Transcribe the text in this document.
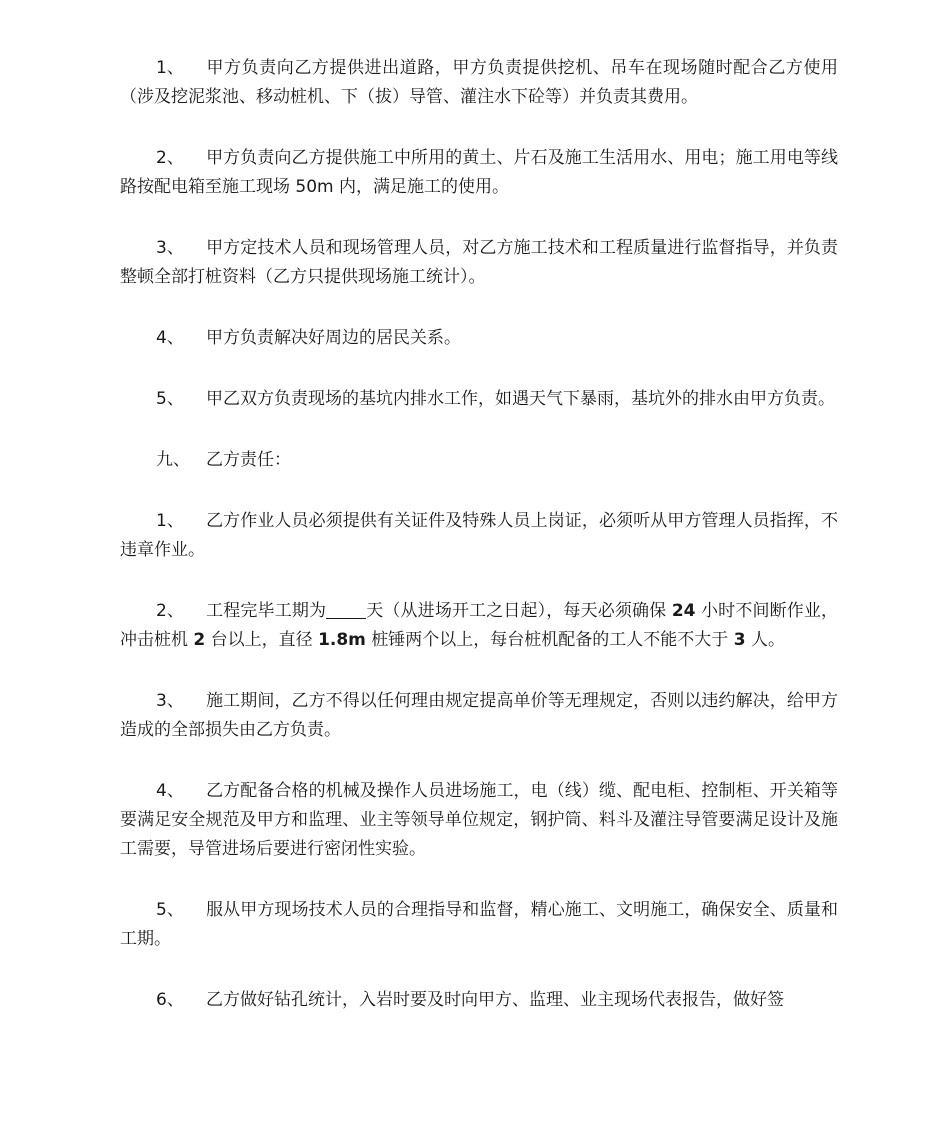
1、 甲方负责向乙方提供进出道路，甲方负责提供挖机、吊车在现场随时配合乙方使用（涉及挖泥浆池、移动桩机、下（拔）导管、灌注水下砼等）并负责其费用。

2、 甲方负责向乙方提供施工中所用的黄土、片石及施工生活用水、用电；施工用电等线路按配电箱至施工现场 50m 内，满足施工的使用。

3、 甲方定技术人员和现场管理人员，对乙方施工技术和工程质量进行监督指导，并负责整顿全部打桩资料（乙方只提供现场施工统计）。

4、 甲方负责解决好周边的居民关系。

5、 甲乙双方负责现场的基坑内排水工作，如遇天气下暴雨，基坑外的排水由甲方负责。

九、 乙方责任：

1、 乙方作业人员必须提供有关证件及特殊人员上岗证，必须听从甲方管理人员指挥，不违章作业。

2、 工程完毕工期为 天（从进场开工之日起），每天必须确保 24 小时不间断作业，冲击桩机 2 台以上，直径 1.8m 桩锤两个以上，每台桩机配备的工人不能不大于 3 人。

3、 施工期间，乙方不得以任何理由规定提高单价等无理规定，否则以违约解决，给甲方造成的全部损失由乙方负责。

4、 乙方配备合格的机械及操作人员进场施工，电（线）缆、配电柜、控制柜、开关箱等要满足安全规范及甲方和监理、业主等领导单位规定，钢护筒、料斗及灌注导管要满足设计及施工需要，导管进场后要进行密闭性实验。

5、 服从甲方现场技术人员的合理指导和监督，精心施工、文明施工，确保安全、质量和工期。

6、 乙方做好钻孔统计，入岩时要及时向甲方、监理、业主现场代表报告，做好签
